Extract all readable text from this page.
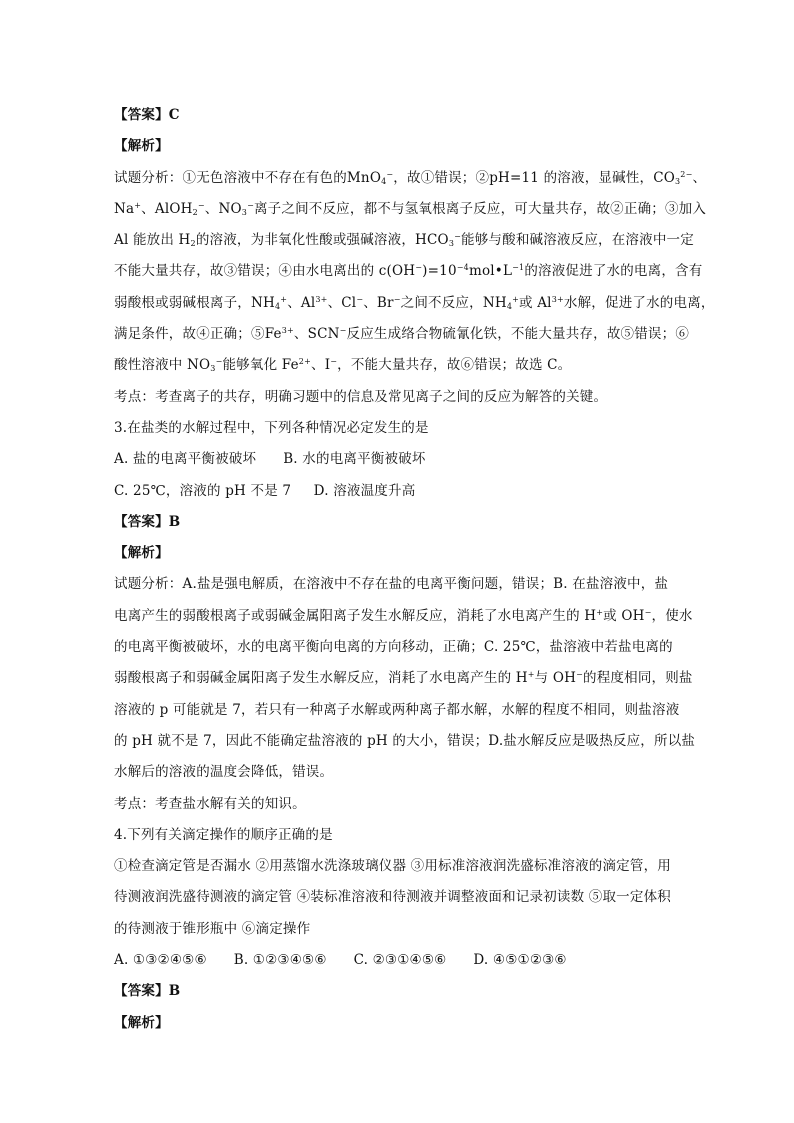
【答案】C
【解析】
试题分析：①无色溶液中不存在有色的MnO$_4$−，故①错误；②pH=11 的溶液，显碱性，$CO_3^{2-}$、
Na+、AlOH$_2$−、$NO_3^-$离子之间不反应，都不与氢氧根离子反应，可大量共存，故②正确；③加入
Al 能放出 $H_2$的溶液，为非氧化性酸或强碱溶液，$HCO_3^-$能够与酸和碱溶液反应，在溶液中一定
不能大量共存，故③错误；④由水电离出的 $c(OH^-)=10^{-4}mol•L^{-1}$的溶液促进了水的电离，含有
弱酸根或弱碱根离子，$NH_4^+$、$Al^{3+}$、Cl−、Br−之间不反应，$NH_4^+$或 $Al^{3+}$水解，促进了水的电离，
满足条件，故④正确；$⑤Fe^{3+}$、SCN−反应生成络合物硫氰化铁，不能大量共存，故⑤错误；⑥
酸性溶液中 $NO_3^-$能够氧化 $Fe^{2+}$、I−，不能大量共存，故⑥错误；故选 C。
考点：考查离子的共存，明确习题中的信息及常见离子之间的反应为解答的关键。
3.在盐类的水解过程中，下列各种情况必定发生的是
A. 盐的电离平衡被破坏 B. 水的电离平衡被破坏
C. 25℃，溶液的 pH 不是 7 D. 溶液温度升高
【答案】B
【解析】
试题分析：A.盐是强电解质，在溶液中不存在盐的电离平衡问题，错误；B. 在盐溶液中，盐
电离产生的弱酸根离子或弱碱金属阳离子发生水解反应，消耗了水电离产生的 H+或 OH−，使水
的电离平衡被破坏，水的电离平衡向电离的方向移动，正确；C. 25℃，盐溶液中若盐电离的
弱酸根离子和弱碱金属阳离子发生水解反应，消耗了水电离产生的 H+与 OH−的程度相同，则盐
溶液的 p 可能就是 7，若只有一种离子水解或两种离子都水解，水解的程度不相同，则盐溶液
的 pH 就不是 7，因此不能确定盐溶液的 pH 的大小，错误；D.盐水解反应是吸热反应，所以盐
水解后的溶液的温度会降低，错误。
考点：考查盐水解有关的知识。
4.下列有关滴定操作的顺序正确的是
①检查滴定管是否漏水 ②用蒸馏水洗涤玻璃仪器 ③用标准溶液润洗盛标准溶液的滴定管，用
待测液润洗盛待测液的滴定管 ④装标准溶液和待测液并调整液面和记录初读数 ⑤取一定体积
的待测液于锥形瓶中 ⑥滴定操作
A. ①③②④⑤⑥ B. ①②③④⑤⑥ C. ②③①④⑤⑥ D. ④⑤①②③⑥
【答案】B
【解析】
